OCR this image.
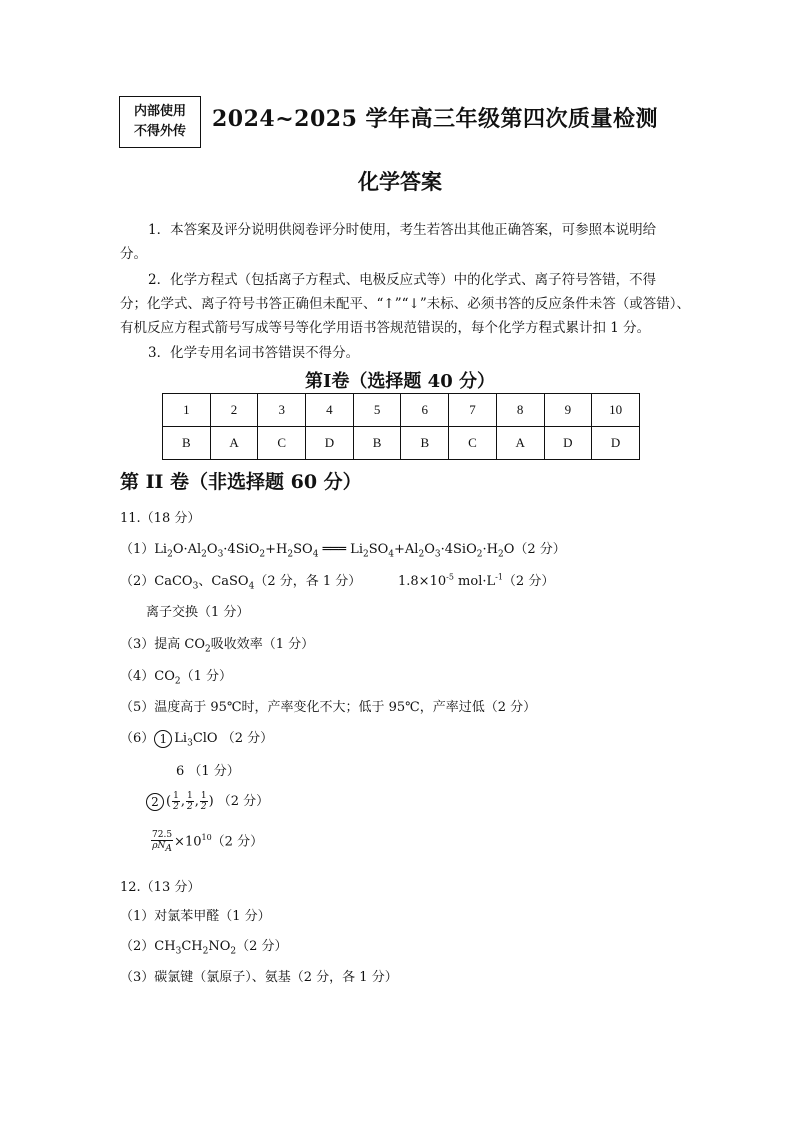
内部使用
不得外传 2024~2025 学年高三年级第四次质量检测
化学答案
1．本答案及评分说明供阅卷评分时使用，考生若答出其他正确答案，可参照本说明给
分。
2．化学方程式（包括离子方程式、电极反应式等）中的化学式、离子符号答错，不得
分；化学式、离子符号书答正确但未配平、“↑”“↓”未标、必须书答的反应条件未答（或答错）、
有机反应方程式箭号写成等号等化学用语书答规范错误的，每个化学方程式累计扣 1 分。
3．化学专用名词书答错误不得分。
第Ⅰ卷（选择题 40 分）
1	2	3	4	5	6	7	8	9	10
B	A	C	D	B	B	C	A	D	D
第 II 卷（非选择题 60 分）
11.（18 分）
$(1)Li_2O\cdot Al_2O_3\cdot 4SiO_2+H_2SO_4$ ═══ $Li_2SO_4+Al_2O_3\cdot 4SiO_2\cdot H_2O(2$ 分）
（2）CaCO$_3$、CaSO$_4$（2 分，各 1 分）	$1.8\times 10^{-5}$ $mol\cdot L^{-1}(2$ 分）
离子交换（1 分）
（3）提高 $CO_2$吸收效率（1 分）
$(4)CO_2(1$ 分）
（5）温度高于 95℃时，产率变化不大；低于 95℃，产率过低（2 分）
（6） 1 $Li_3ClO$ （2 分）
6 （1 分）
2 ( $\frac{1}{2}$ , $\frac{1}{2}$ , $\frac{1}{2}$ ) （2 分）
$\frac{72.5}{\rho N_A} \times 10^{10}(2$ 分）
12.（13 分）
（1）对氯苯甲醛（1 分）
$(2)CH_3CH_2NO_2(2$ 分）
（3）碳氯键（氯原子）、氨基（2 分，各 1 分）
